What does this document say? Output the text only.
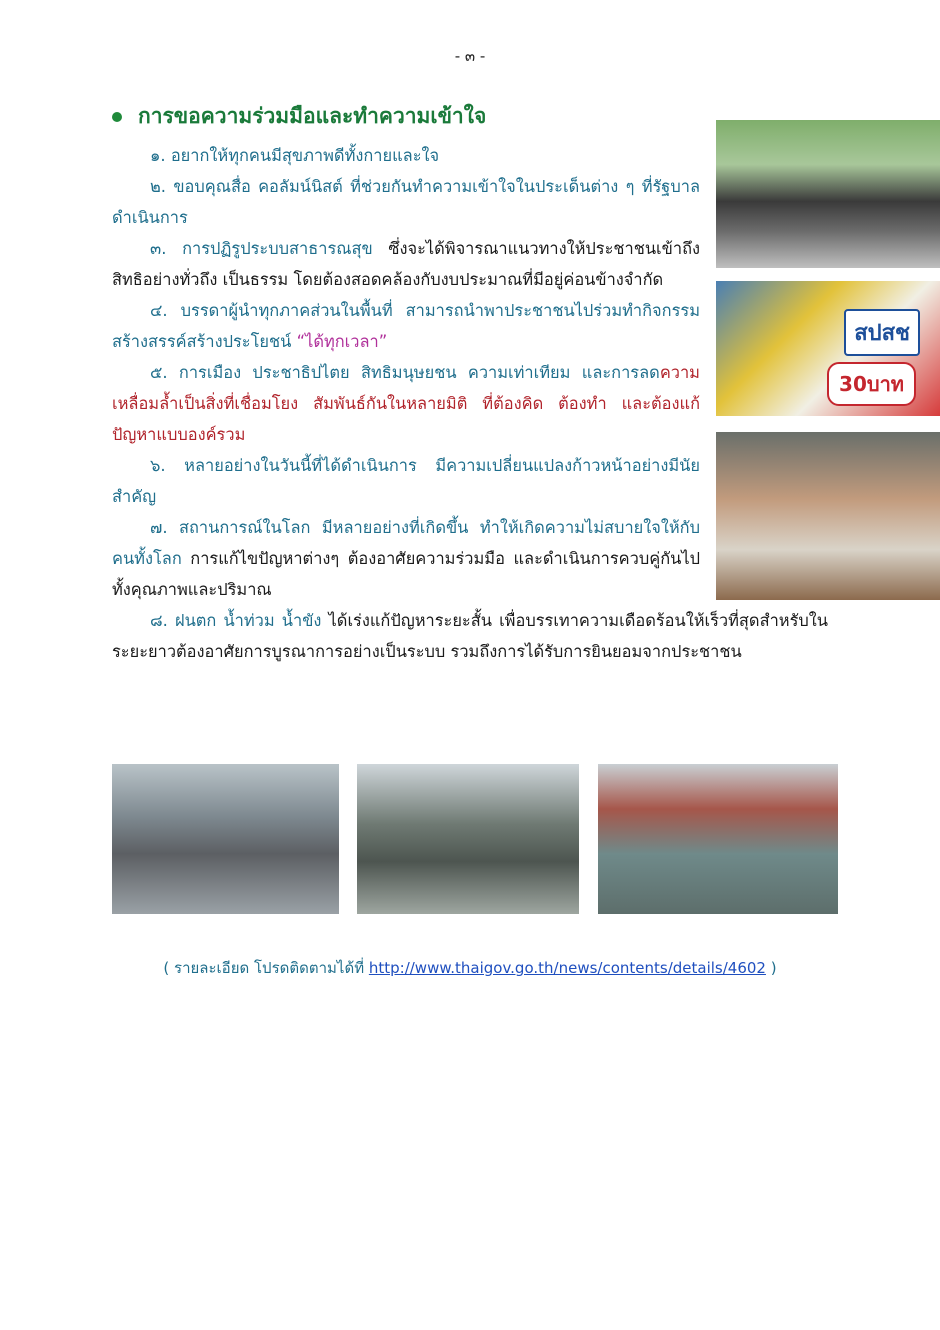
- ๓ -
การขอความร่วมมือและทำความเข้าใจ

๑. อยากให้ทุกคนมีสุขภาพดีทั้งกายและใจ

๒. ขอบคุณสื่อ คอลัมน์นิสต์ ที่ช่วยกันทำความเข้าใจในประเด็นต่าง ๆ ที่รัฐบาลดำเนินการ

๓. การปฏิรูประบบสาธารณสุข ซึ่งจะได้พิจารณาแนวทางให้ประชาชนเข้าถึงสิทธิอย่างทั่วถึง เป็นธรรม โดยต้องสอดคล้องกับงบประมาณที่มีอยู่ค่อนข้างจำกัด

๔. บรรดาผู้นำทุกภาคส่วนในพื้นที่ สามารถนำพาประชาชนไปร่วมทำกิจกรรมสร้างสรรค์สร้างประโยชน์ “ได้ทุกเวลา”

๕. การเมือง ประชาธิปไตย สิทธิมนุษยชน ความเท่าเทียม และการลดความเหลื่อมล้ำเป็นสิ่งที่เชื่อมโยง สัมพันธ์กันในหลายมิติ ที่ต้องคิด ต้องทำ และต้องแก้ปัญหาแบบองค์รวม

๖. หลายอย่างในวันนี้ที่ได้ดำเนินการ มีความเปลี่ยนแปลงก้าวหน้าอย่างมีนัยสำคัญ

๗. สถานการณ์ในโลก มีหลายอย่างที่เกิดขึ้น ทำให้เกิดความไม่สบายใจให้กับคนทั้งโลก การแก้ไขปัญหาต่างๆ ต้องอาศัยความร่วมมือ และดำเนินการควบคู่กันไปทั้งคุณภาพและปริมาณ

๘. ฝนตก น้ำท่วม น้ำขัง ได้เร่งแก้ปัญหาระยะสั้น เพื่อบรรเทาความเดือดร้อนให้เร็วที่สุดสำหรับในระยะยาวต้องอาศัยการบูรณาการอย่างเป็นระบบ รวมถึงการได้รับการยินยอมจากประชาชน

สปสช
30บาท
( รายละเอียด โปรดติดตามได้ที่ http://www.thaigov.go.th/news/contents/details/4602 )
